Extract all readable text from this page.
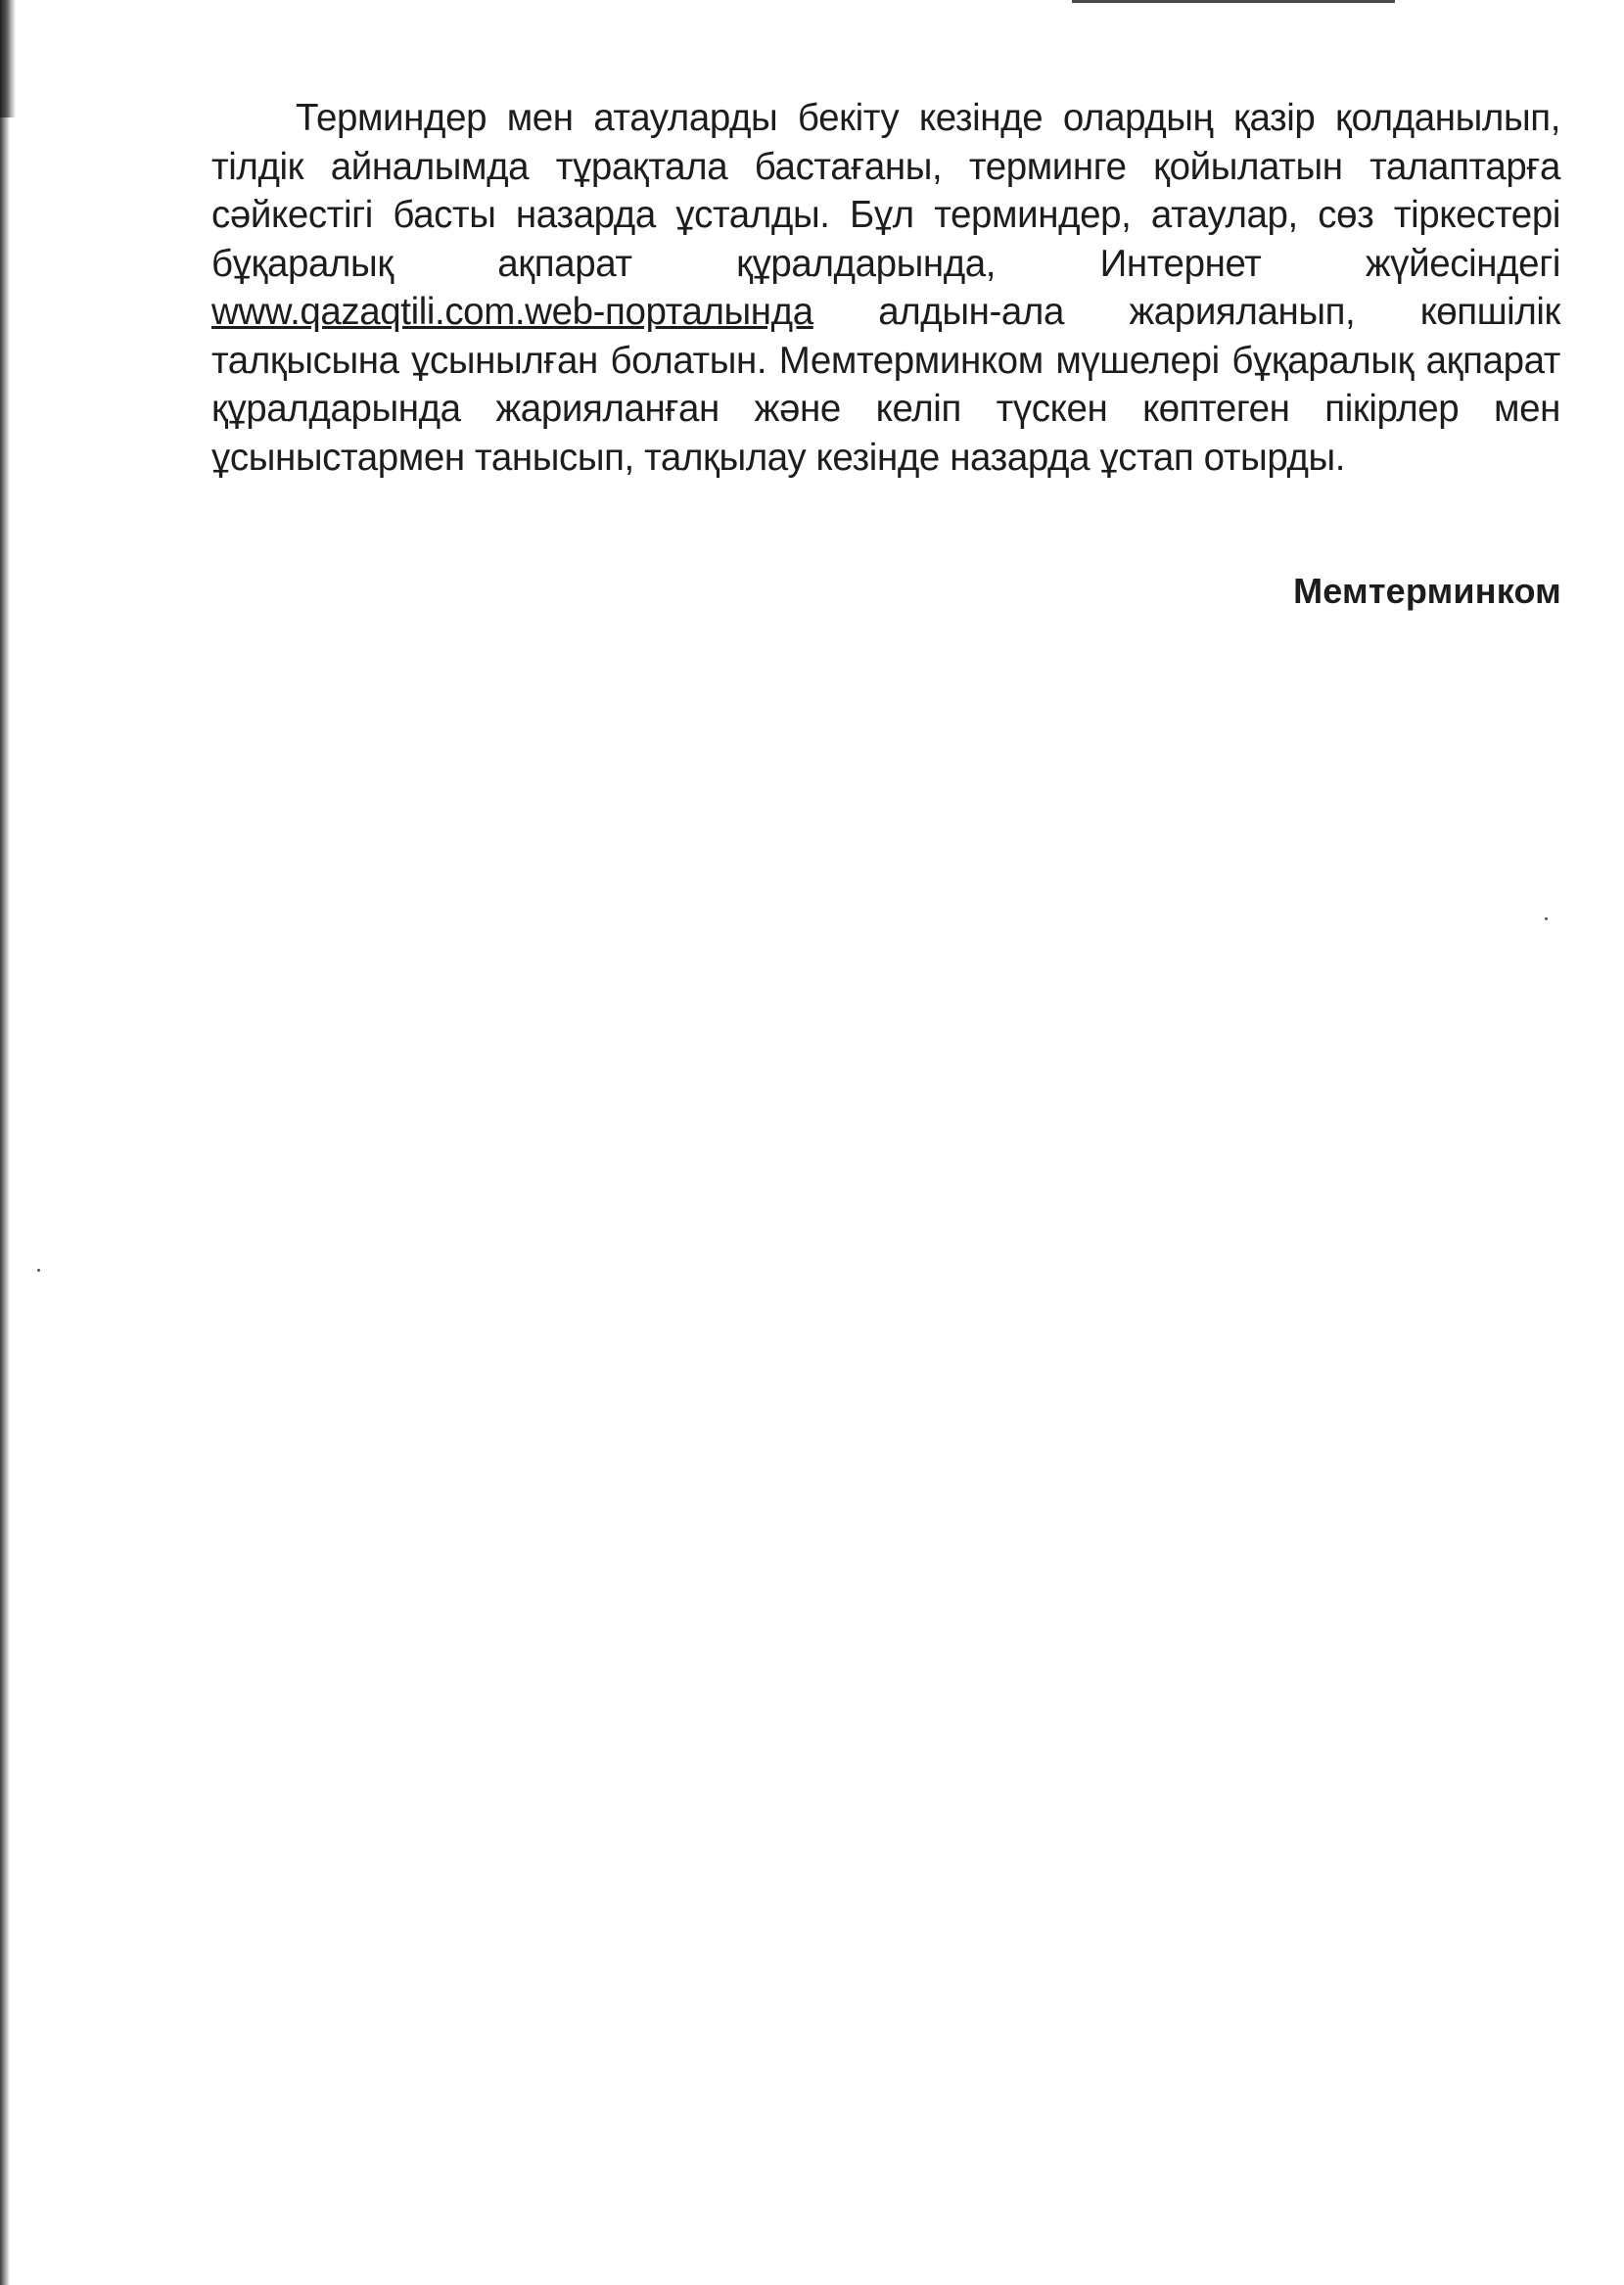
Терминдер мен атауларды бекіту кезінде олардың қазір қолданылып, тілдік айналымда тұрақтала бастағаны, терминге қойылатын талаптарға сәйкестігі басты назарда ұсталды. Бұл терминдер, атаулар, сөз тіркестері бұқаралық ақпарат құралдарында, Интернет жүйесіндегі www.qazaqtili.com.web-порталында алдын-ала жарияланып, көпшілік талқысына ұсынылған болатын. Мемтерминком мүшелері бұқаралық ақпарат құралдарында жарияланған және келіп түскен көптеген пікірлер мен ұсыныстармен танысып, талқылау кезінде назарда ұстап отырды.

Мемтерминком
